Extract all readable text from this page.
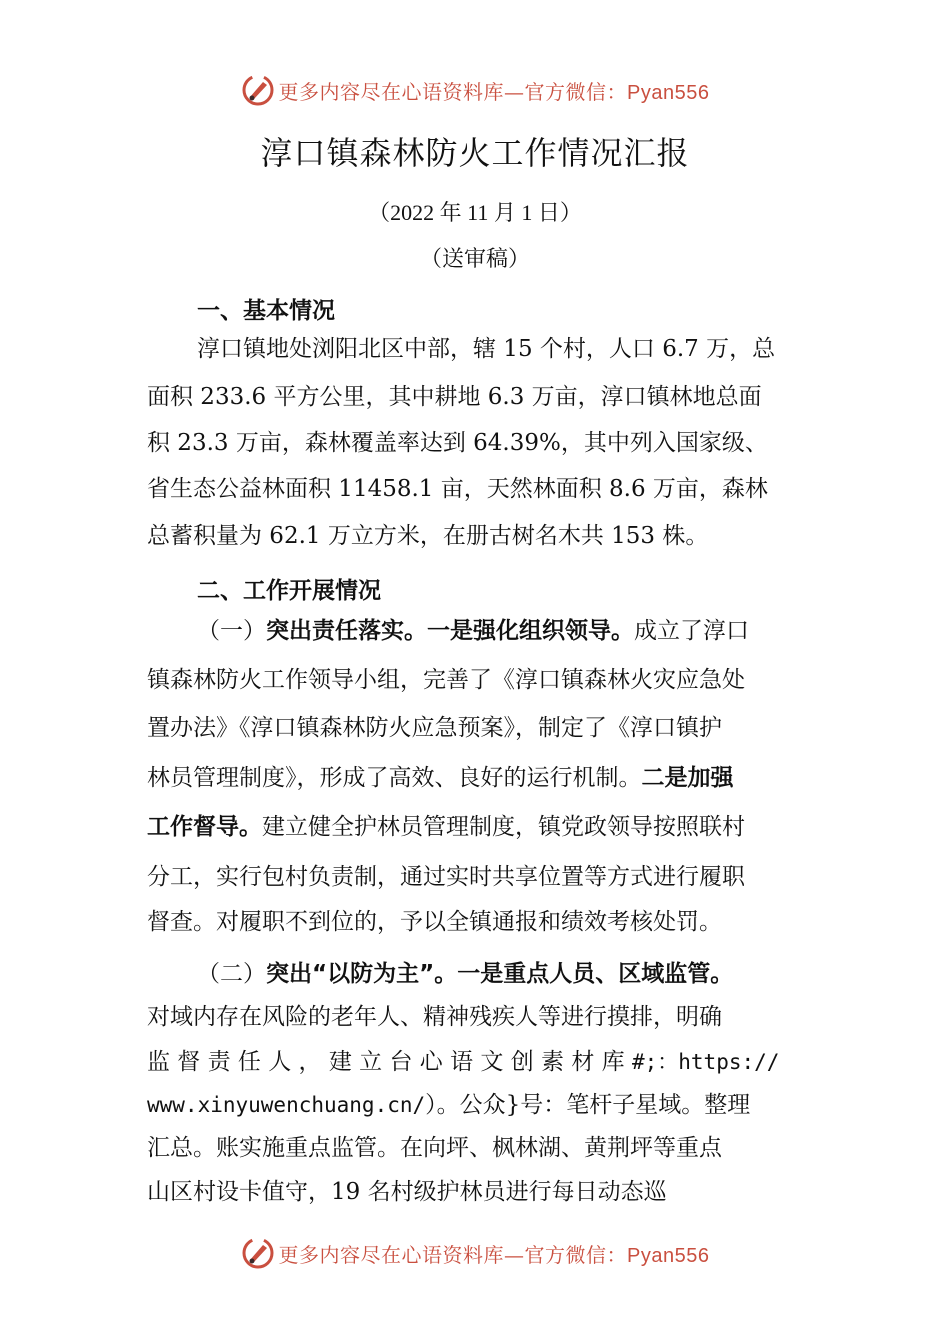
更多内容尽在心语资料库—官方微信：Pyan556
淳口镇森林防火工作情况汇报
（2022 年 11 月 1 日）
（送审稿）
一、基本情况
淳口镇地处浏阳北区中部，辖 15 个村，人口 6.7 万，总
面积 233.6 平方公里，其中耕地 6.3 万亩，淳口镇林地总面
积 23.3 万亩，森林覆盖率达到 64.39%，其中列入国家级、
省生态公益林面积 11458.1 亩，天然林面积 8.6 万亩，森林
总蓄积量为 62.1 万立方米，在册古树名木共 153 株。
二、工作开展情况
（一）突出责任落实。一是强化组织领导。成立了淳口
镇森林防火工作领导小组，完善了《淳口镇森林火灾应急处
置办法》《淳口镇森林防火应急预案》，制定了《淳口镇护
林员管理制度》，形成了高效、良好的运行机制。二是加强
工作督导。建立健全护林员管理制度，镇党政领导按照联村
分工，实行包村负责制，通过实时共享位置等方式进行履职
督查。对履职不到位的，予以全镇通报和绩效考核处罚。
（二）突出“以防为主”。一是重点人员、区域监管。
对域内存在风险的老年人、精神残疾人等进行摸排，明确
监 督 责 任 人 ， 建 立 台 心 语 文 创 素 材 库 #;：https://
www.xinyuwenchuang.cn/）。公众}号：笔杆子星域。整理
汇总。账实施重点监管。在向坪、枫林湖、黄荆坪等重点
山区村设卡值守，19 名村级护林员进行每日动态巡
更多内容尽在心语资料库—官方微信：Pyan556
